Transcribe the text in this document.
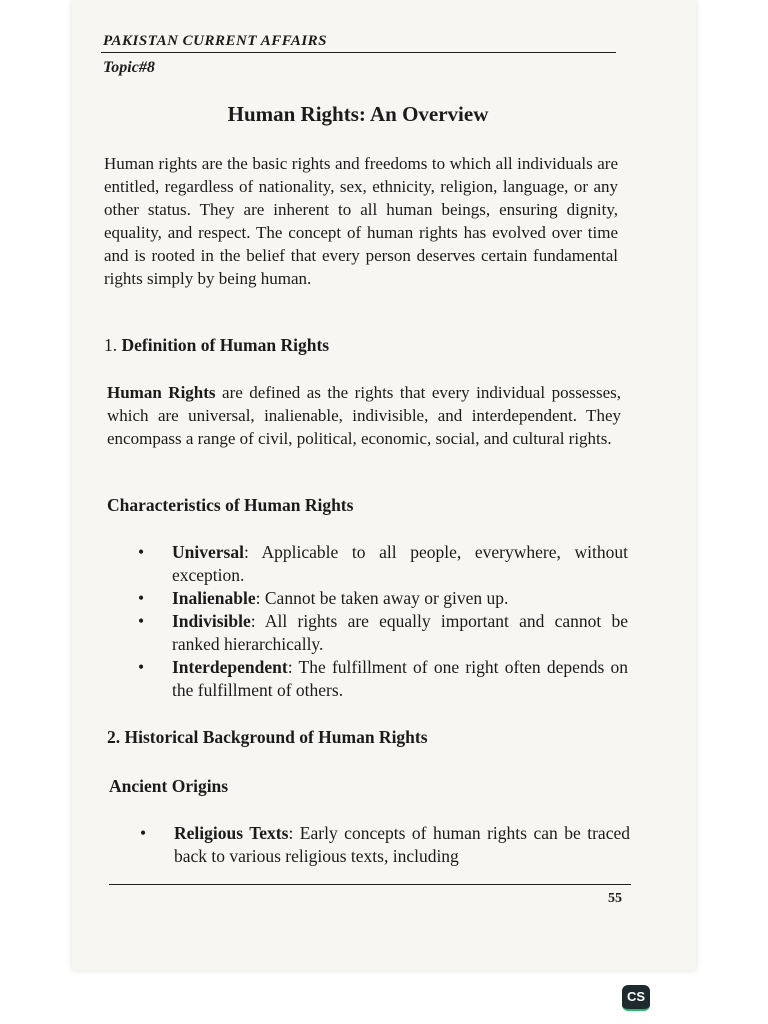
PAKISTAN CURRENT AFFAIRS
Topic#8
Human Rights: An Overview

Human rights are the basic rights and freedoms to which all individuals are entitled, regardless of nationality, sex, ethnicity, religion, language, or any other status. They are inherent to all human beings, ensuring dignity, equality, and respect. The concept of human rights has evolved over time and is rooted in the belief that every person deserves certain fundamental rights simply by being human.

1. Definition of Human Rights

Human Rights are defined as the rights that every individual possesses, which are universal, inalienable, indivisible, and interdependent. They encompass a range of civil, political, economic, social, and cultural rights.

Characteristics of Human Rights
•	Universal: Applicable to all people, everywhere, without exception.
•	Inalienable: Cannot be taken away or given up.
•	Indivisible: All rights are equally important and cannot be ranked hierarchically.
•	Interdependent: The fulfillment of one right often depends on the fulfillment of others.
2. Historical Background of Human Rights
Ancient Origins
•	Religious Texts: Early concepts of human rights can be traced back to various religious texts, including
55
CS
